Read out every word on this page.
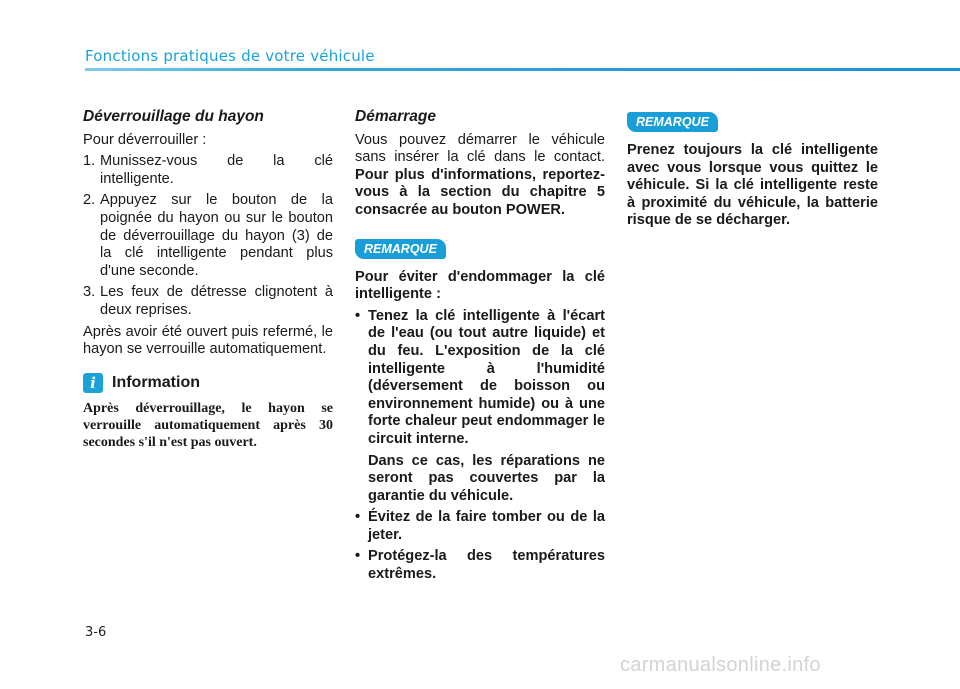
Fonctions pratiques de votre véhicule
Déverrouillage du hayon

Pour déverrouiller :

1. Munissez-vous de la clé intelligente.
2. Appuyez sur le bouton de la poignée du hayon ou sur le bouton de déverrouillage du hayon (3) de la clé intelligente pendant plus d'une seconde.
3. Les feux de détresse clignotent à deux reprises.

Après avoir été ouvert puis refermé, le hayon se verrouille automatiquement.

i	Information

Après déverrouillage, le hayon se verrouille automatiquement après 30 secondes s'il n'est pas ouvert.

Démarrage

Vous pouvez démarrer le véhicule sans insérer la clé dans le contact. Pour plus d'informations, reportez-vous à la section du chapitre 5 consacrée au bouton POWER.

REMARQUE

Pour éviter d'endommager la clé intelligente :

• Tenez la clé intelligente à l'écart de l'eau (ou tout autre liquide) et du feu. L'exposition de la clé intelligente à l'humidité (déversement de boisson ou environnement humide) ou à une forte chaleur peut endommager le circuit interne.
Dans ce cas, les réparations ne seront pas couvertes par la garantie du véhicule.
• Évitez de la faire tomber ou de la jeter.
• Protégez-la des températures extrêmes.
REMARQUE

Prenez toujours la clé intelligente avec vous lorsque vous quittez le véhicule. Si la clé intelligente reste à proximité du véhicule, la batterie risque de se décharger.

3-6
carmanualsonline.info
